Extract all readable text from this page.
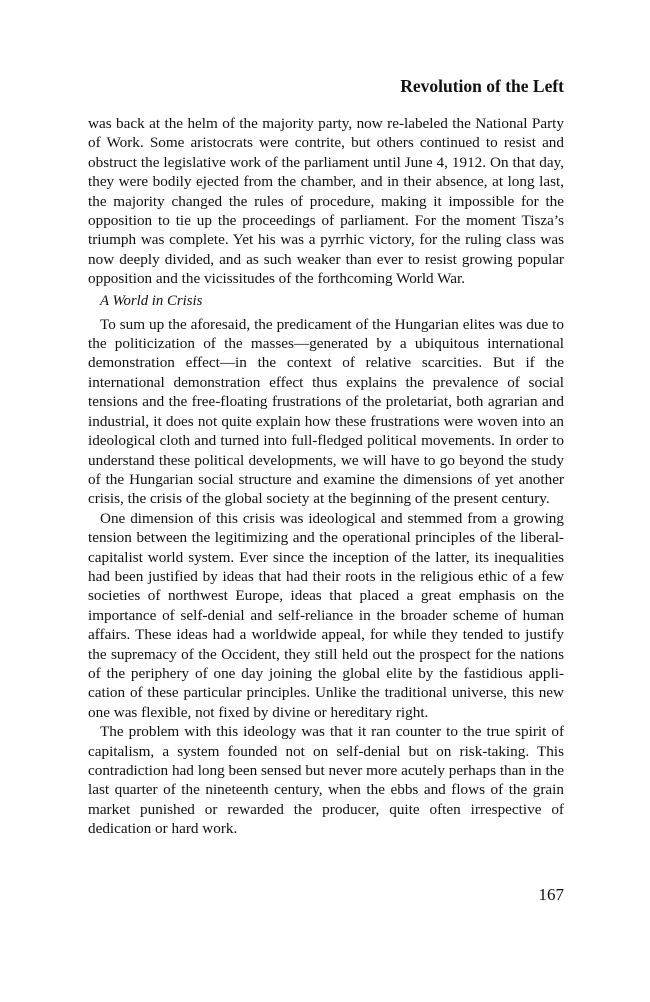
Revolution of the Left

was back at the helm of the majority party, now re-labeled the National Party of Work. Some aristocrats were contrite, but others continued to resist and obstruct the legislative work of the parliament until June 4, 1912. On that day, they were bodily ejected from the chamber, and in their absence, at long last, the majority changed the rules of procedure, making it impossible for the opposition to tie up the proceedings of parliament. For the moment Tisza’s triumph was complete. Yet his was a pyrrhic victory, for the ruling class was now deeply divided, and as such weaker than ever to resist growing popular opposition and the vicissitudes of the forthcoming World War.

A World in Crisis

To sum up the aforesaid, the predicament of the Hungarian elites was due to the politicization of the masses—generated by a ubiquitous international demonstration effect—in the context of relative scarcities. But if the international demonstration effect thus explains the prevalence of social tensions and the free-floating frustrations of the proletariat, both agrarian and industrial, it does not quite explain how these frustrations were woven into an ideological cloth and turned into full-fledged political movements. In order to understand these political developments, we will have to go beyond the study of the Hungarian social structure and examine the dimensions of yet another crisis, the crisis of the global society at the beginning of the present century.

One dimension of this crisis was ideological and stemmed from a growing tension between the legitimizing and the operational principles of the liberal-capitalist world system. Ever since the inception of the latter, its inequalities had been justified by ideas that had their roots in the religious ethic of a few societies of northwest Europe, ideas that placed a great emphasis on the importance of self-denial and self-reliance in the broader scheme of human affairs. These ideas had a worldwide appeal, for while they tended to justify the supremacy of the Occident, they still held out the prospect for the nations of the periphery of one day joining the global elite by the fastidious application of these particular principles. Unlike the traditional universe, this new one was flexible, not fixed by divine or hereditary right.

The problem with this ideology was that it ran counter to the true spirit of capitalism, a system founded not on self-denial but on risk-taking. This contradiction had long been sensed but never more acutely perhaps than in the last quarter of the nineteenth century, when the ebbs and flows of the grain market punished or rewarded the producer, quite often irrespective of dedication or hard work.

167
